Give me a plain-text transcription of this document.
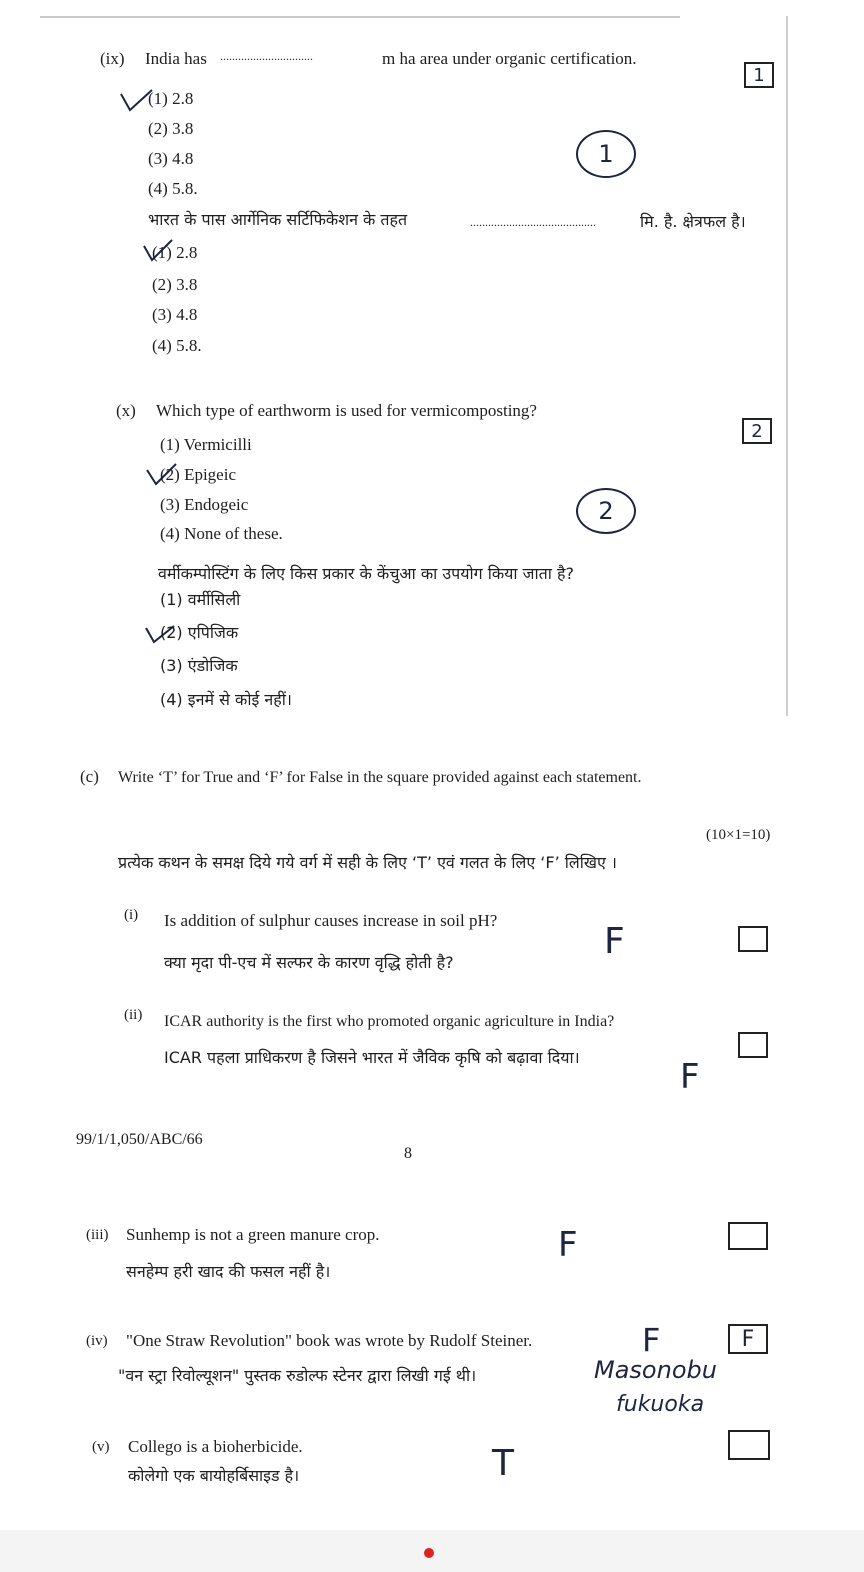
(ix) India has ...............................	m ha area under organic certification.
1
(1) 2.8
(2) 3.8
(3) 4.8
(4) 5.8.
1
भारत के पास आर्गेनिक सर्टिफिकेशन के तहत	..........................................	मि. है. क्षेत्रफल है।
(1) 2.8
(2) 3.8
(3) 4.8
(4) 5.8.
(x) Which type of earthworm is used for vermicomposting?
2
(1) Vermicilli
(2) Epigeic
(3) Endogeic
(4) None of these.
2
वर्मीकम्पोस्टिंग के लिए किस प्रकार के केंचुआ का उपयोग किया जाता है?
(1) वर्मीसिली
(2) एपिजिक
(3) एंडोजिक
(4) इनमें से कोई नहीं।
(c) Write ‘T’ for True and ‘F’ for False in the square provided against each statement.
(10×1=10)
प्रत्येक कथन के समक्ष दिये गये वर्ग में सही के लिए ‘T’ एवं गलत के लिए ‘F’ लिखिए ।
(i) Is addition of sulphur causes increase in soil pH?
क्या मृदा पी-एच में सल्फर के कारण वृद्धि होती है?
F
(ii) ICAR authority is the first who promoted organic agriculture in India?
ICAR पहला प्राधिकरण है जिसने भारत में जैविक कृषि को बढ़ावा दिया।	F
99/1/1,050/ABC/66
8
(iii) Sunhemp is not a green manure crop.
सनहेम्प हरी खाद की फसल नहीं है।
F
(iv) "One Straw Revolution" book was wrote by Rudolf Steiner.
"वन स्ट्रा रिवोल्यूशन" पुस्तक रुडोल्फ स्टेनर द्वारा लिखी गई थी।
F	F
Masonobu
fukuoka
(v) Collego is a bioherbicide.
कोलेगो एक बायोहर्बिसाइड है।	T
